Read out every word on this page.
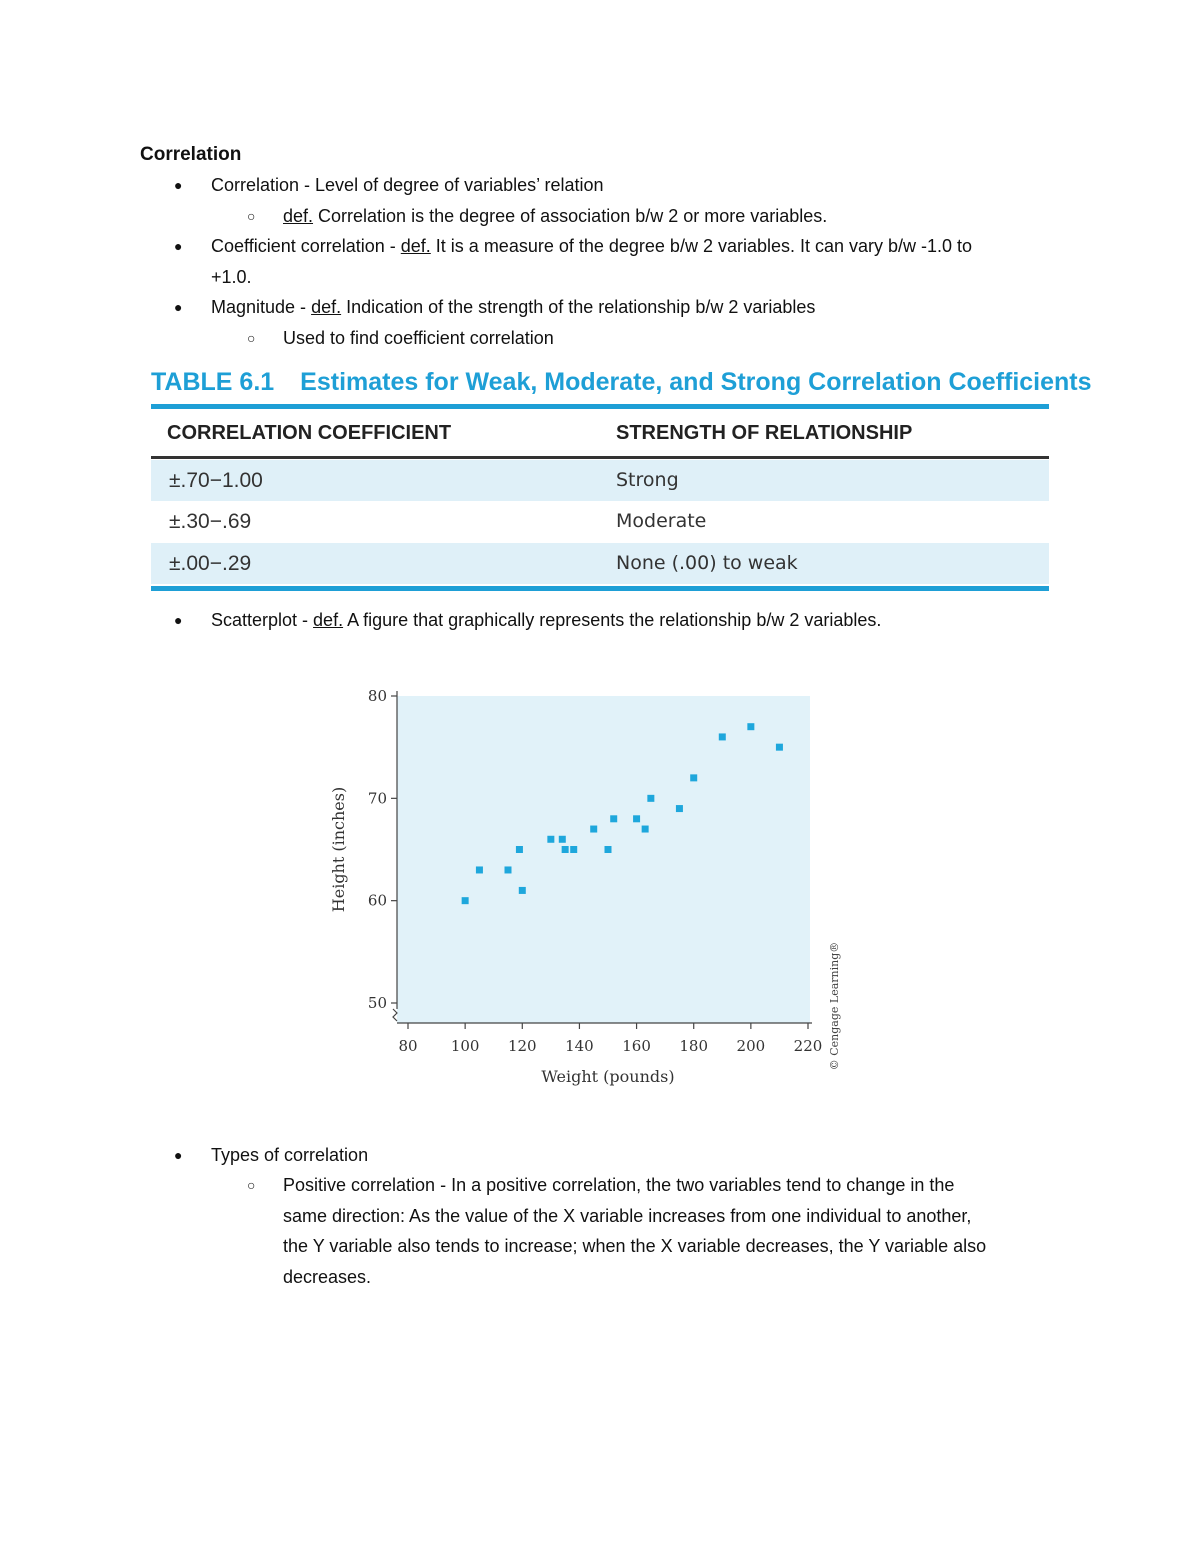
Correlation
● Correlation - Level of degree of variables’ relation
○ def. Correlation is the degree of association b/w 2 or more variables.
● Coefficient correlation - def. It is a measure of the degree b/w 2 variables. It can vary b/w -1.0 to
+1.0.
● Magnitude - def. Indication of the strength of the relationship b/w 2 variables
○ Used to find coefficient correlation
TABLE 6.1 Estimates for Weak, Moderate, and Strong Correlation Coefficients
CORRELATION COEFFICIENT	STRENGTH OF RELATIONSHIP
±.70−1.00	Strong
±.30−.69	Moderate
±.00−.29	None (.00) to weak
● Scatterplot - def. A figure that graphically represents the relationship b/w 2 variables.
50
60
70
80
80 100 120 140 160 180 200 220
Weight (pounds)
Height (inches)
© Cengage Learning®
● Types of correlation
○ Positive correlation - In a positive correlation, the two variables tend to change in the
same direction: As the value of the X variable increases from one individual to another,
the Y variable also tends to increase; when the X variable decreases, the Y variable also
decreases.
